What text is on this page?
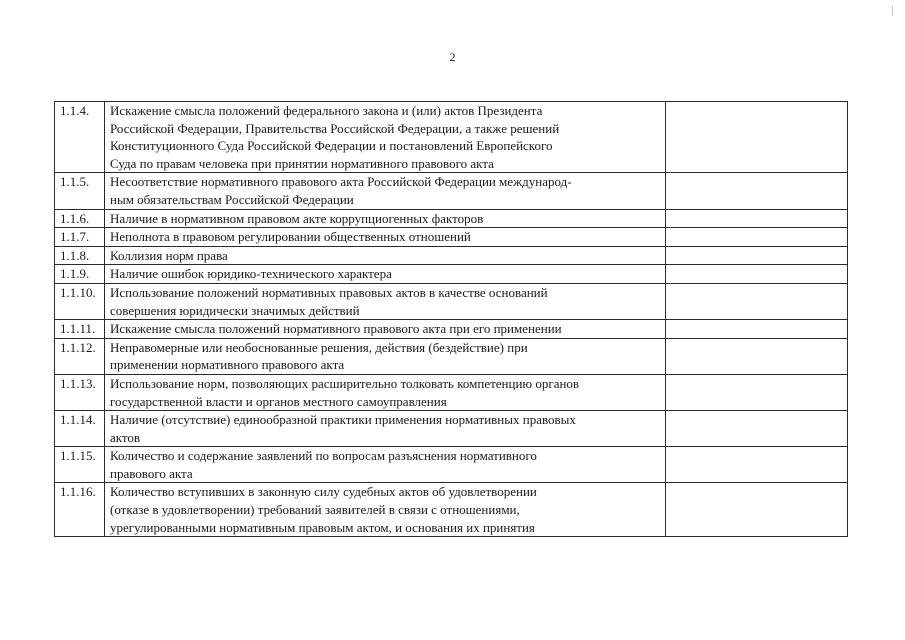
2
1.1.4.	Искажение смысла положений федерального закона и (или) актов Президента
Российской Федерации, Правительства Российской Федерации, а также решений
Конституционного Суда Российской Федерации и постановлений Европейского
Суда по правам человека при принятии нормативного правового акта	

1.1.5.	Несоответствие нормативного правового акта Российской Федерации международ-
ным обязательствам Российской Федерации	

1.1.6.	Наличие в нормативном правовом акте коррупциогенных факторов	

1.1.7.	Неполнота в правовом регулировании общественных отношений	

1.1.8.	Коллизия норм права	

1.1.9.	Наличие ошибок юридико-технического характера	

1.1.10.	Использование положений нормативных правовых актов в качестве оснований
совершения юридически значимых действий	

1.1.11.	Искажение смысла положений нормативного правового акта при его применении	

1.1.12.	Неправомерные или необоснованные решения, действия (бездействие) при
применении нормативного правового акта	

1.1.13.	Использование норм, позволяющих расширительно толковать компетенцию органов
государственной власти и органов местного самоуправления	

1.1.14.	Наличие (отсутствие) единообразной практики применения нормативных правовых
актов	

1.1.15.	Количество и содержание заявлений по вопросам разъяснения нормативного
правового акта	

1.1.16.	Количество вступивших в законную силу судебных актов об удовлетворении
(отказе в удовлетворении) требований заявителей в связи с отношениями,
урегулированными нормативным правовым актом, и основания их принятия	
